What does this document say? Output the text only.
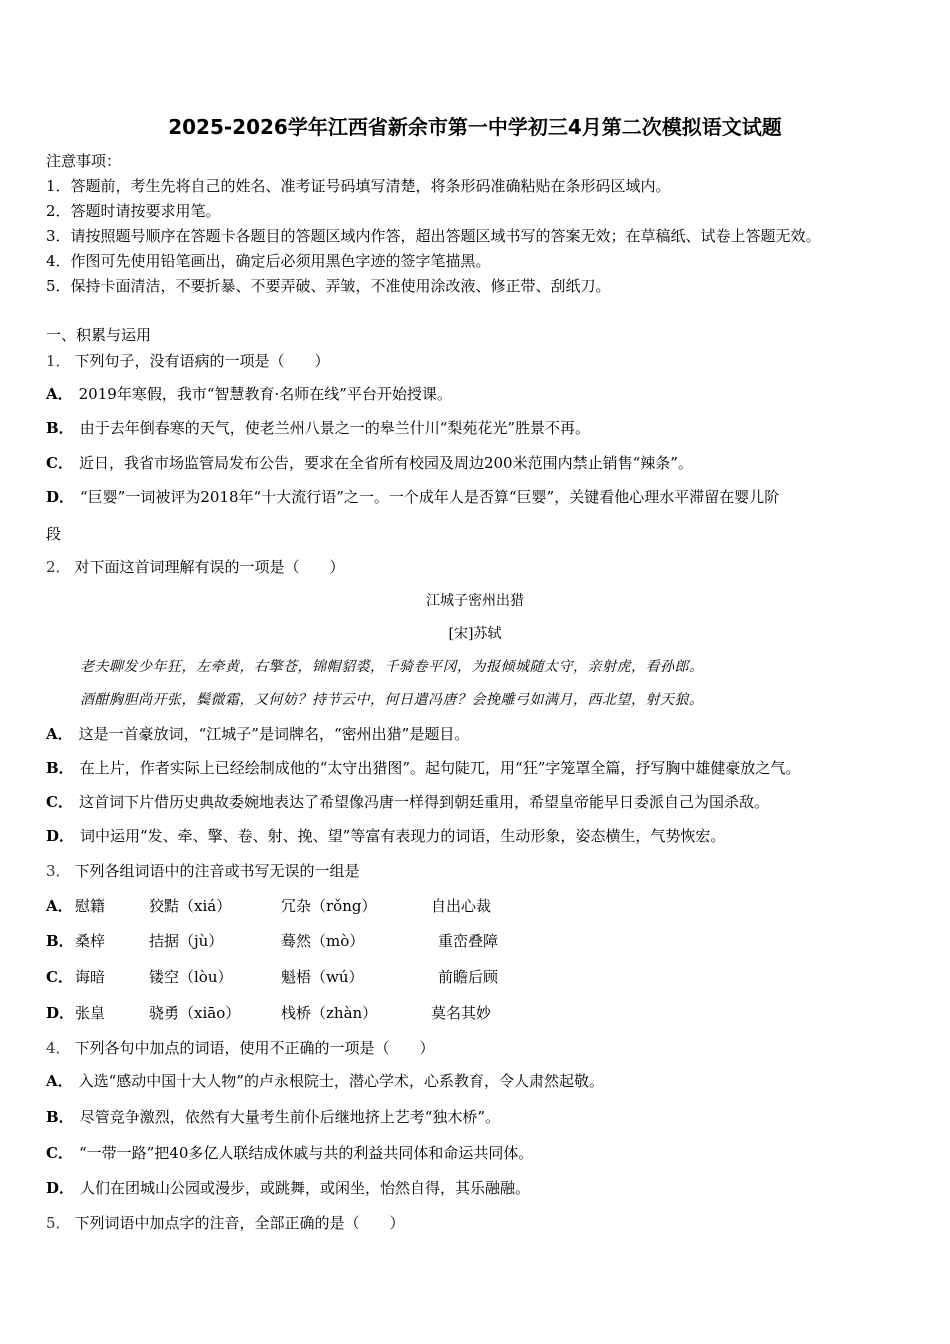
2025-2026学年江西省新余市第一中学初三4月第二次模拟语文试题
注意事项：
1．答题前，考生先将自己的姓名、准考证号码填写清楚，将条形码准确粘贴在条形码区域内。
2．答题时请按要求用笔。
3．请按照题号顺序在答题卡各题目的答题区域内作答，超出答题区域书写的答案无效；在草稿纸、试卷上答题无效。
4．作图可先使用铅笔画出，确定后必须用黑色字迹的签字笔描黑。
5．保持卡面清洁，不要折暴、不要弄破、弄皱，不准使用涂改液、修正带、刮纸刀。
一、积累与运用
1． 下列句子，没有语病的一项是（　　）
A． 2019年寒假，我市“智慧教育·名师在线”平台开始授课。
B． 由于去年倒春寒的天气，使老兰州八景之一的皋兰什川“梨苑花光”胜景不再。
C． 近日，我省市场监管局发布公告，要求在全省所有校园及周边200米范围内禁止销售“辣条”。
D． “巨婴”一词被评为2018年“十大流行语”之一。一个成年人是否算“巨婴”，关键看他心理水平滞留在婴儿阶
段
2． 对下面这首词理解有误的一项是（　　）
江城子密州出猎
[宋]苏轼
老夫聊发少年狂，左牵黄，右擎苍，锦帽貂裘，千骑卷平冈，为报倾城随太守，亲射虎，看孙郎。
酒酣胸胆尚开张，鬓微霜，又何妨？持节云中，何日遣冯唐？会挽雕弓如满月，西北望，射天狼。
A． 这是一首豪放词，“江城子”是词牌名，“密州出猎”是题目。
B． 在上片，作者实际上已经绘制成他的“太守出猎图”。起句陡兀，用“狂”字笼罩全篇，抒写胸中雄健豪放之气。
C． 这首词下片借历史典故委婉地表达了希望像冯唐一样得到朝廷重用，希望皇帝能早日委派自己为国杀敌。
D． 词中运用“发、牵、擎、卷、射、挽、望”等富有表现力的词语，生动形象，姿态横生，气势恢宏。
3． 下列各组词语中的注音或书写无误的一组是
A． 慰籍	狡黠（xiá）	冗杂（rǒng）	自出心裁
B． 桑梓	拮据（jù）	蓦然（mò）	重峦叠障
C． 诲暗	镂空（lòu）	魁梧（wú）	前瞻后顾
D． 张皇	骁勇（xiāo）	栈桥（zhàn）	莫名其妙
4． 下列各句中加点的词语，使用不正确的一项是（　　）
A． 入选“感动中国十大人物”的卢永根院士，潜心学术，心系教育，令人肃然起敬。
B． 尽管竞争激烈，依然有大量考生前仆后继地挤上艺考“独木桥”。
C． “一带一路”把40多亿人联结成休戚与共的利益共同体和命运共同体。
D． 人们在团城山公园或漫步，或跳舞，或闲坐，怡然自得，其乐融融。
5． 下列词语中加点字的注音，全部正确的是（　　）
